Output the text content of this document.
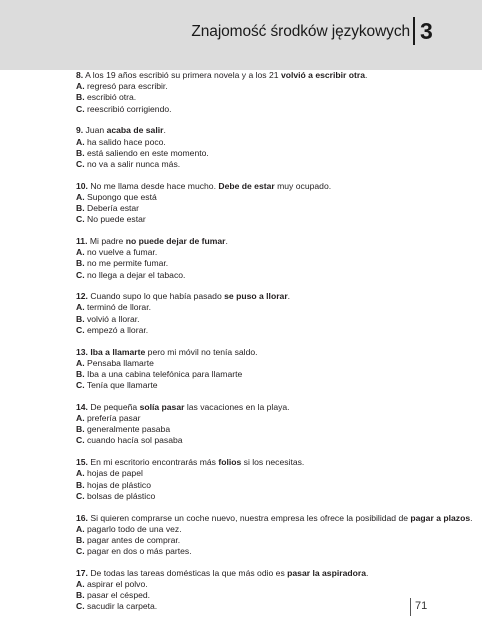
Znajomość środków językowych 3
8. A los 19 años escribió su primera novela y a los 21 volvió a escribir otra.
A. regresó para escribir.
B. escribió otra.
C. reescribió corrigiendo.
9. Juan acaba de salir.
A. ha salido hace poco.
B. está saliendo en este momento.
C. no va a salir nunca más.
10. No me llama desde hace mucho. Debe de estar muy ocupado.
A. Supongo que está
B. Debería estar
C. No puede estar
11. Mi padre no puede dejar de fumar.
A. no vuelve a fumar.
B. no me permite fumar.
C. no llega a dejar el tabaco.
12. Cuando supo lo que había pasado se puso a llorar.
A. terminó de llorar.
B. volvió a llorar.
C. empezó a llorar.
13. Iba a llamarte pero mi móvil no tenía saldo.
A. Pensaba llamarte
B. Iba a una cabina telefónica para llamarte
C. Tenía que llamarte
14. De pequeña solía pasar las vacaciones en la playa.
A. prefería pasar
B. generalmente pasaba
C. cuando hacía sol pasaba
15. En mi escritorio encontrarás más folios si los necesitas.
A. hojas de papel
B. hojas de plástico
C. bolsas de plástico
16. Si quieren comprarse un coche nuevo, nuestra empresa les ofrece la posibilidad de pagar a plazos.
A. pagarlo todo de una vez.
B. pagar antes de comprar.
C. pagar en dos o más partes.
17. De todas las tareas domésticas la que más odio es pasar la aspiradora.
A. aspirar el polvo.
B. pasar el césped.
C. sacudir la carpeta.	71
